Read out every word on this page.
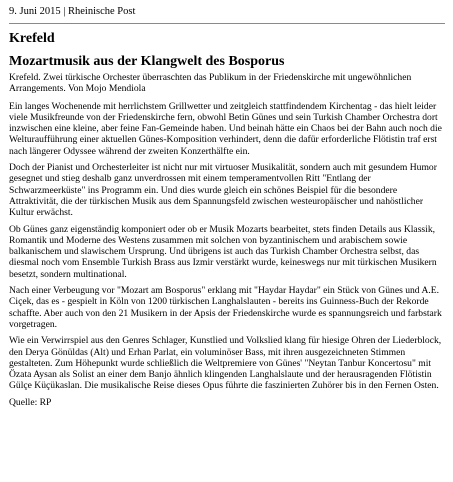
9. Juni 2015 | Rheinische Post

Krefeld
Mozartmusik aus der Klangwelt des Bosporus

Krefeld. Zwei türkische Orchester überraschten das Publikum in der Friedenskirche mit ungewöhnlichen Arrangements. Von Mojo Mendiola

Ein langes Wochenende mit herrlichstem Grillwetter und zeitgleich stattfindendem Kirchentag - das hielt leider viele Musikfreunde von der Friedenskirche fern, obwohl Betin Günes und sein Turkish Chamber Orchestra dort inzwischen eine kleine, aber feine Fan-Gemeinde haben. Und beinah hätte ein Chaos bei der Bahn auch noch die Welturaufführung einer aktuellen Günes-Komposition verhindert, denn die dafür erforderliche Flötistin traf erst nach längerer Odyssee während der zweiten Konzerthälfte ein.

Doch der Pianist und Orchesterleiter ist nicht nur mit virtuoser Musikalität, sondern auch mit gesundem Humor gesegnet und stieg deshalb ganz unverdrossen mit einem temperamentvollen Ritt "Entlang der Schwarzmeerküste" ins Programm ein. Und dies wurde gleich ein schönes Beispiel für die besondere Attraktivität, die der türkischen Musik aus dem Spannungsfeld zwischen westeuropäischer und nahöstlicher Kultur erwächst.

Ob Günes ganz eigenständig komponiert oder ob er Musik Mozarts bearbeitet, stets finden Details aus Klassik, Romantik und Moderne des Westens zusammen mit solchen von byzantinischem und arabischem sowie balkanischem und slawischem Ursprung. Und übrigens ist auch das Turkish Chamber Orchestra selbst, das diesmal noch vom Ensemble Turkish Brass aus Izmir verstärkt wurde, keineswegs nur mit türkischen Musikern besetzt, sondern multinational.

Nach einer Verbeugung vor "Mozart am Bosporus" erklang mit "Haydar Haydar" ein Stück von Günes und A.E. Ciçek, das es - gespielt in Köln von 1200 türkischen Langhalslauten - bereits ins Guinness-Buch der Rekorde schaffte. Aber auch von den 21 Musikern in der Apsis der Friedenskirche wurde es spannungsreich und farbstark vorgetragen.

Wie ein Verwirrspiel aus den Genres Schlager, Kunstlied und Volkslied klang für hiesige Ohren der Liederblock, den Derya Gönüldas (Alt) und Erhan Parlat, ein voluminöser Bass, mit ihren ausgezeichneten Stimmen gestalteten. Zum Höhepunkt wurde schließlich die Weltpremiere von Günes' "Neytan Tanbur Koncertosu" mit Özata Aysan als Solist an einer dem Banjo ähnlich klingenden Langhalslaute und der herausragenden Flötistin Gülçe Küçükaslan. Die musikalische Reise dieses Opus führte die faszinierten Zuhörer bis in den Fernen Osten.

Quelle: RP
